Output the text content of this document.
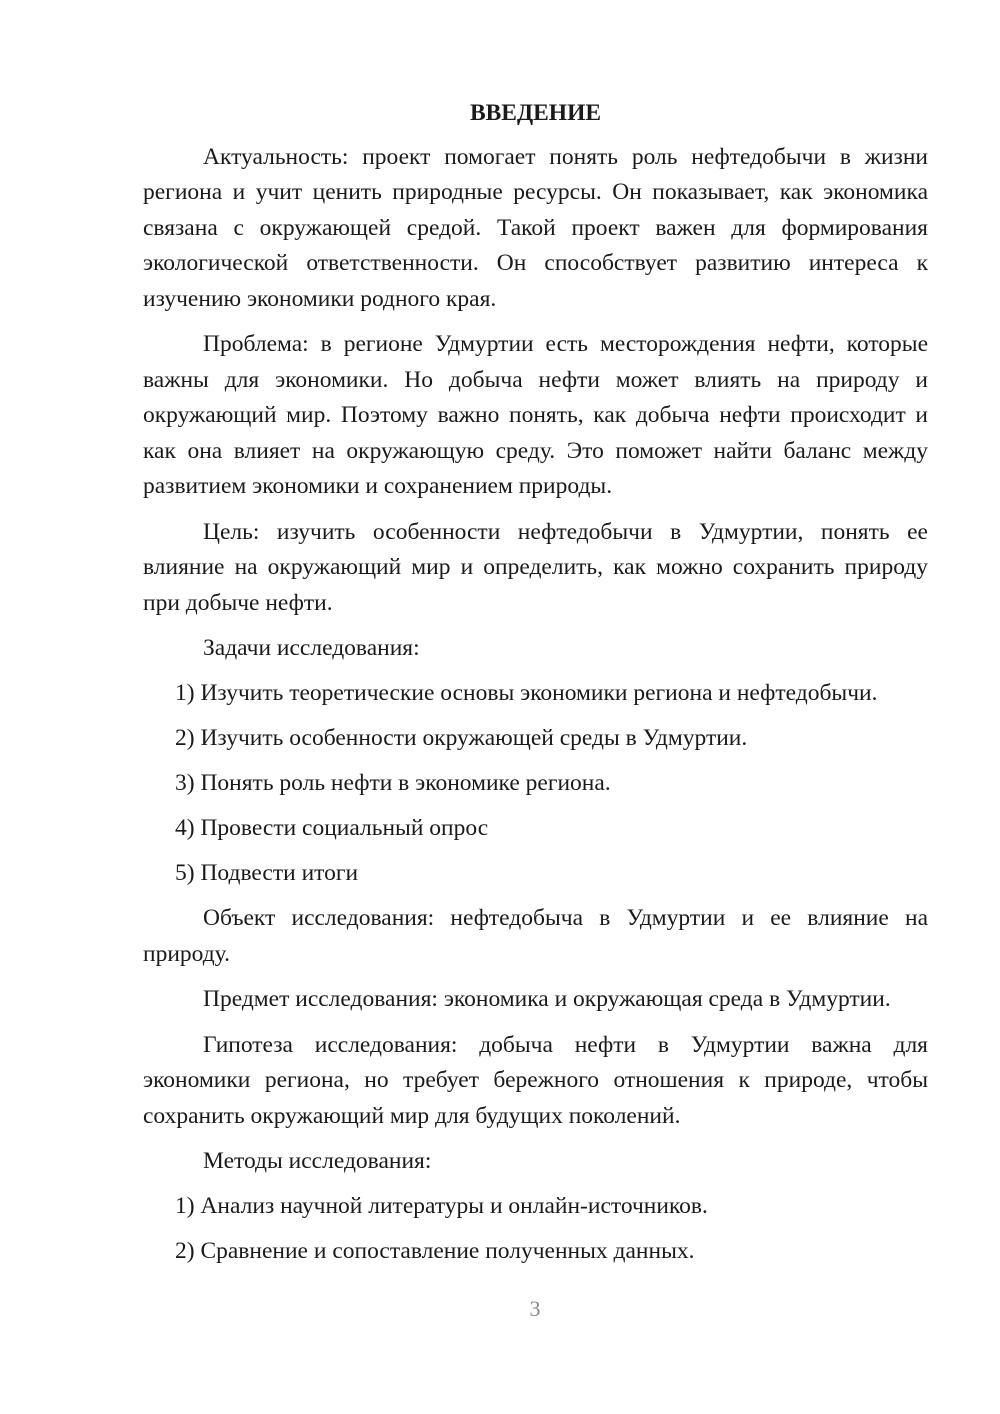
ВВЕДЕНИЕ

Актуальность: проект помогает понять роль нефтедобычи в жизни региона и учит ценить природные ресурсы. Он показывает, как экономика связана с окружающей средой. Такой проект важен для формирования экологической ответственности. Он способствует развитию интереса к изучению экономики родного края.

Проблема: в регионе Удмуртии есть месторождения нефти, которые важны для экономики. Но добыча нефти может влиять на природу и окружающий мир. Поэтому важно понять, как добыча нефти происходит и как она влияет на окружающую среду. Это поможет найти баланс между развитием экономики и сохранением природы.

Цель: изучить особенности нефтедобычи в Удмуртии, понять ее влияние на окружающий мир и определить, как можно сохранить природу при добыче нефти.

Задачи исследования:

1) Изучить теоретические основы экономики региона и нефтедобычи.

2) Изучить особенности окружающей среды в Удмуртии.

3) Понять роль нефти в экономике региона.

4) Провести социальный опрос

5) Подвести итоги

Объект исследования: нефтедобыча в Удмуртии и ее влияние на природу.

Предмет исследования: экономика и окружающая среда в Удмуртии.

Гипотеза исследования: добыча нефти в Удмуртии важна для экономики региона, но требует бережного отношения к природе, чтобы сохранить окружающий мир для будущих поколений.

Методы исследования:

1) Анализ научной литературы и онлайн-источников.

2) Сравнение и сопоставление полученных данных.

3
